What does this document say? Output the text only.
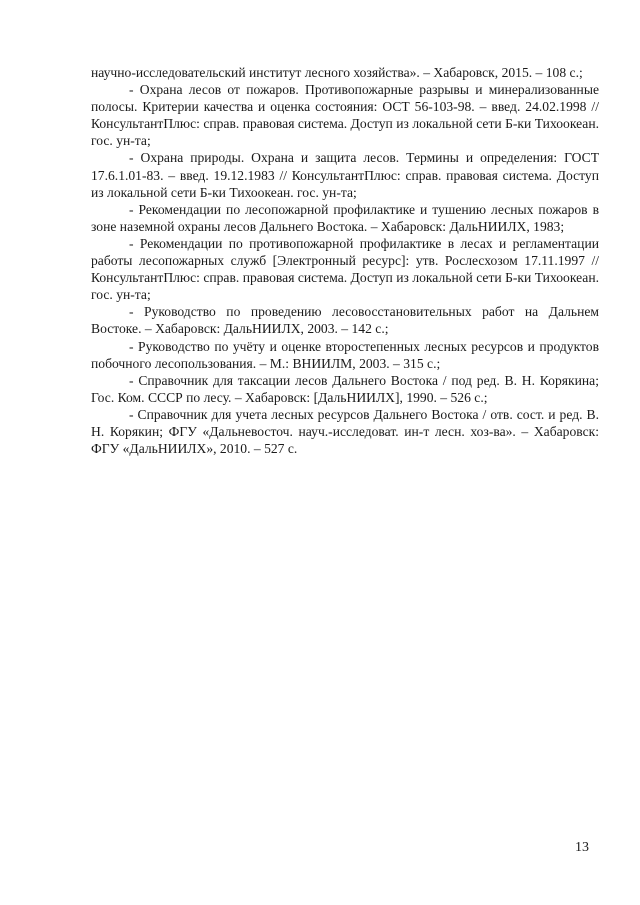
научно-исследовательский институт лесного хозяйства». – Хабаровск, 2015. – 108 с.;

- Охрана лесов от пожаров. Противопожарные разрывы и минерализованные полосы. Критерии качества и оценка состояния: ОСТ 56-103-98. – введ. 24.02.1998 // КонсультантПлюс: справ. правовая система. Доступ из локальной сети Б-ки Тихоокеан. гос. ун-та;

- Охрана природы. Охрана и защита лесов. Термины и определения: ГОСТ 17.6.1.01-83. – введ. 19.12.1983 // КонсультантПлюс: справ. правовая система. Доступ из локальной сети Б-ки Тихоокеан. гос. ун-та;

- Рекомендации по лесопожарной профилактике и тушению лесных пожаров в зоне наземной охраны лесов Дальнего Востока. – Хабаровск: ДальНИИЛХ, 1983;

- Рекомендации по противопожарной профилактике в лесах и регламентации работы лесопожарных служб [Электронный ресурс]: утв. Рослесхозом 17.11.1997 // КонсультантПлюс: справ. правовая система. Доступ из локальной сети Б-ки Тихоокеан. гос. ун-та;

- Руководство по проведению лесовосстановительных работ на Дальнем Востоке. – Хабаровск: ДальНИИЛХ, 2003. – 142 с.;

- Руководство по учёту и оценке второстепенных лесных ресурсов и продуктов побочного лесопользования. – М.: ВНИИЛМ, 2003. – 315 с.;

- Справочник для таксации лесов Дальнего Востока / под ред. В. Н. Корякина; Гос. Ком. СССР по лесу. – Хабаровск: [ДальНИИЛХ], 1990. – 526 с.;

- Справочник для учета лесных ресурсов Дальнего Востока / отв. сост. и ред. В. Н. Корякин; ФГУ «Дальневосточ. науч.-исследоват. ин-т лесн. хоз-ва». – Хабаровск: ФГУ «ДальНИИЛХ», 2010. – 527 с.

13
